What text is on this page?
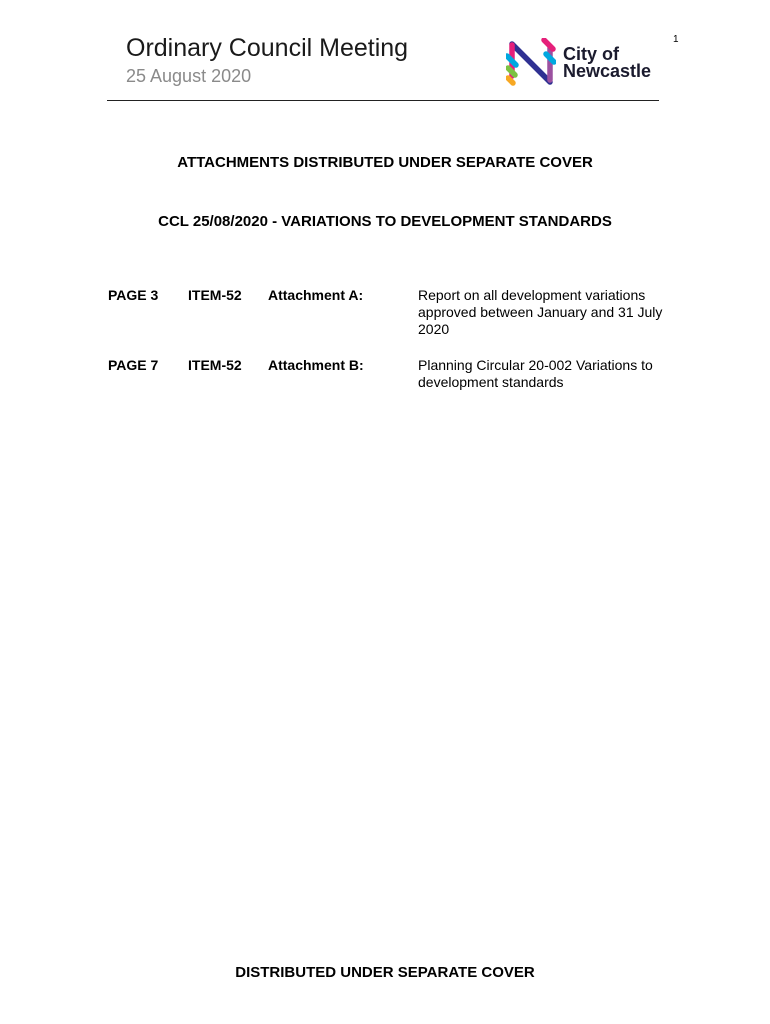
1
Ordinary Council Meeting
25 August 2020
City of
Newcastle
ATTACHMENTS DISTRIBUTED UNDER SEPARATE COVER
CCL 25/08/2020 - VARIATIONS TO DEVELOPMENT STANDARDS
PAGE 3 ITEM-52 Attachment A:	Report on all development variations approved between January and 31 July 2020
PAGE 7 ITEM-52 Attachment B:	Planning Circular 20-002 Variations to development standards
DISTRIBUTED UNDER SEPARATE COVER
